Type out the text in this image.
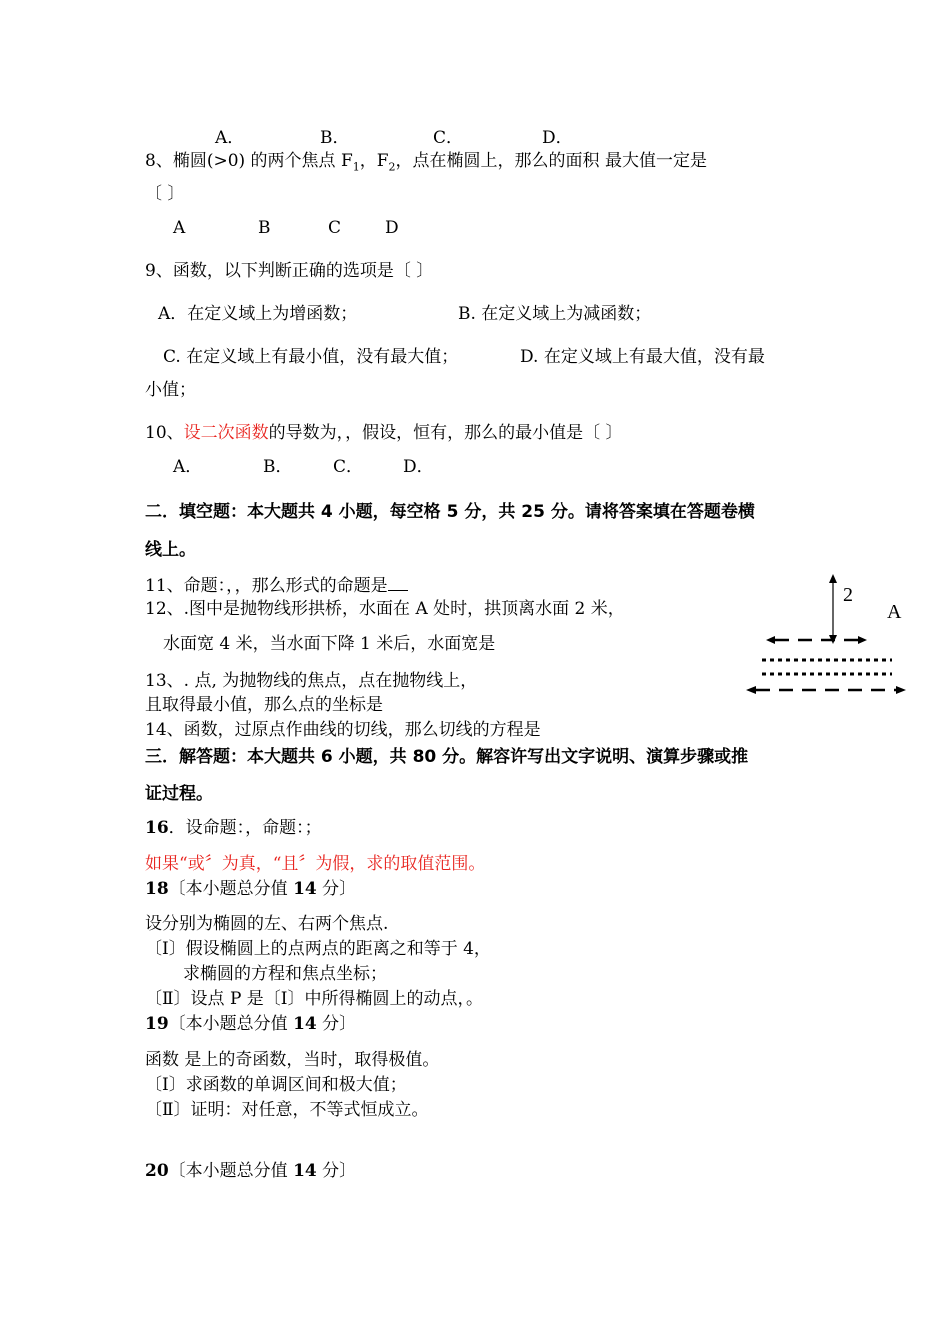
A．	B．	C．	D．
8、椭圆(>0) 的两个焦点 $F_1$，$F_2$，点在椭圆上，那么的面积 最大值一定是
〔 〕
A	B	C	D
9、函数，以下判断正确的选项是〔 〕
A．在定义域上为增函数；	B. 在定义域上为减函数；
C. 在定义域上有最小值，没有最大值；	D. 在定义域上有最大值，没有最
小值；
10、设二次函数的导数为，，假设，恒有，那么的最小值是〔 〕
A．	B． C． D．
二．填空题：本大题共 4 小题，每空格 5 分，共 25 分。请将答案填在答题卷横
线上。
11、命题：，，那么形式的命题是
12、.图中是抛物线形拱桥，水面在 A 处时，拱顶离水面 2 米，
水面宽 4 米，当水面下降 1 米后，水面宽是
13、. 点, 为抛物线的焦点，点在抛物线上，
且取得最小值，那么点的坐标是
14、函数，过原点作曲线的切线，那么切线的方程是
三．解答题：本大题共 6 小题，共 80 分。解容许写出文字说明、演算步骤或推
证过程。
16．设命题：，命题：；
如果“或〞为真，“且〞为假，求的取值范围。
18〔本小题总分值 14 分〕
设分别为椭圆的左、右两个焦点.
〔Ⅰ〕假设椭圆上的点两点的距离之和等于 4，
求椭圆的方程和焦点坐标；
〔Ⅱ〕设点 P 是〔Ⅰ〕中所得椭圆上的动点，。
19〔本小题总分值 14 分〕
函数 是上的奇函数，当时，取得极值。
〔Ⅰ〕求函数的单调区间和极大值；
〔Ⅱ〕证明：对任意，不等式恒成立。
20〔本小题总分值 14 分〕
2
A
